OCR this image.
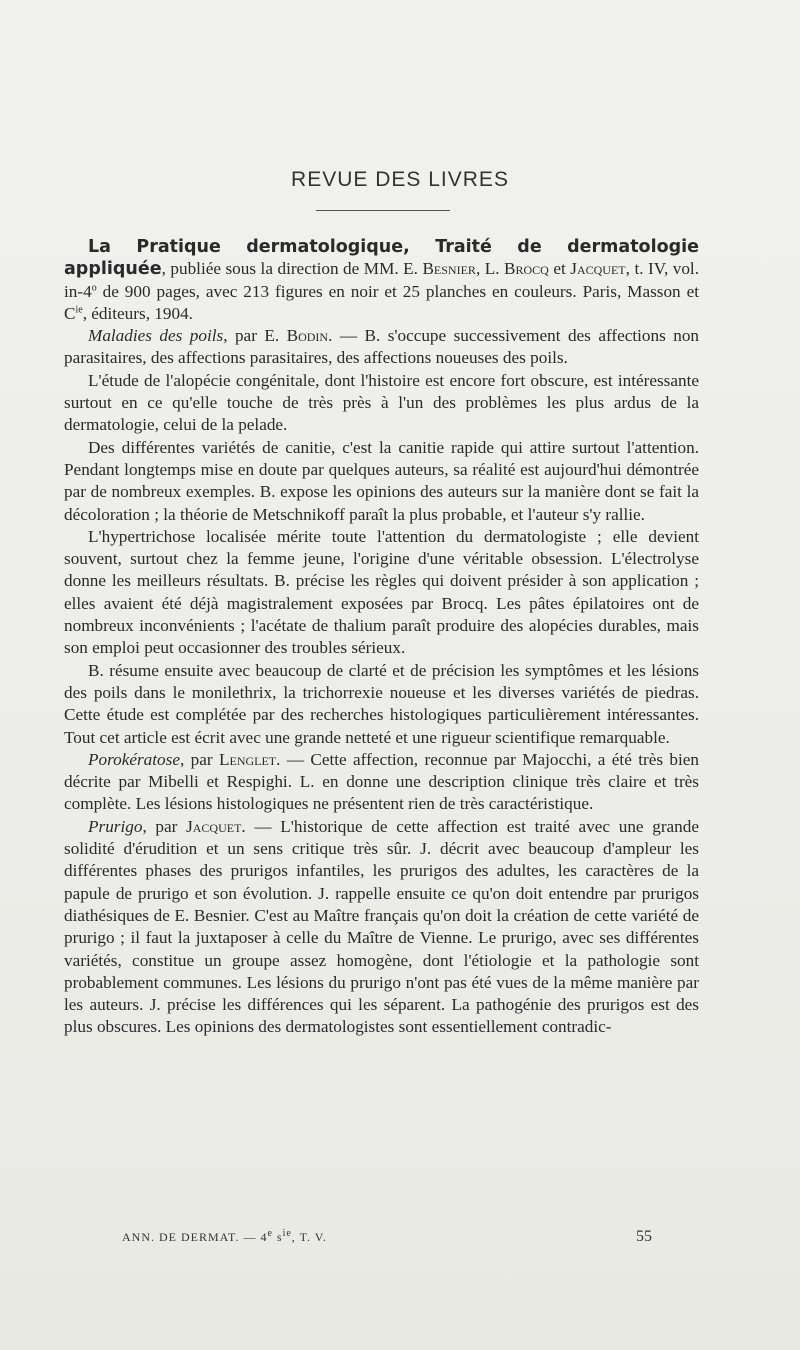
REVUE DES LIVRES

La Pratique dermatologique, Traité de dermatologie appliquée, publiée sous la direction de MM. E. Besnier, L. Brocq et Jacquet, t. IV, vol. in-4$^o$ de 900 pages, avec 213 figures en noir et 25 planches en couleurs. Paris, Masson et $C^{ie}$, éditeurs, 1904.

Maladies des poils, par E. Bodin. — B. s'occupe successivement des affections non parasitaires, des affections parasitaires, des affections noueuses des poils.

L'étude de l'alopécie congénitale, dont l'histoire est encore fort obscure, est intéressante surtout en ce qu'elle touche de très près à l'un des problèmes les plus ardus de la dermatologie, celui de la pelade.

Des différentes variétés de canitie, c'est la canitie rapide qui attire surtout l'attention. Pendant longtemps mise en doute par quelques auteurs, sa réalité est aujourd'hui démontrée par de nombreux exemples. B. expose les opinions des auteurs sur la manière dont se fait la décoloration ; la théorie de Metschnikoff paraît la plus probable, et l'auteur s'y rallie.

L'hypertrichose localisée mérite toute l'attention du dermatologiste ; elle devient souvent, surtout chez la femme jeune, l'origine d'une véritable obsession. L'électrolyse donne les meilleurs résultats. B. précise les règles qui doivent présider à son application ; elles avaient été déjà magistralement exposées par Brocq. Les pâtes épilatoires ont de nombreux inconvénients ; l'acétate de thalium paraît produire des alopécies durables, mais son emploi peut occasionner des troubles sérieux.

B. résume ensuite avec beaucoup de clarté et de précision les symptômes et les lésions des poils dans le monilethrix, la trichorrexie noueuse et les diverses variétés de piedras. Cette étude est complétée par des recherches histologiques particulièrement intéressantes. Tout cet article est écrit avec une grande netteté et une rigueur scientifique remarquable.

Porokératose, par Lenglet. — Cette affection, reconnue par Majocchi, a été très bien décrite par Mibelli et Respighi. L. en donne une description clinique très claire et très complète. Les lésions histologiques ne présentent rien de très caractéristique.

Prurigo, par Jacquet. — L'historique de cette affection est traité avec une grande solidité d'érudition et un sens critique très sûr. J. décrit avec beaucoup d'ampleur les différentes phases des prurigos infantiles, les prurigos des adultes, les caractères de la papule de prurigo et son évolution. J. rappelle ensuite ce qu'on doit entendre par prurigos diathésiques de E. Besnier. C'est au Maître français qu'on doit la création de cette variété de prurigo ; il faut la juxtaposer à celle du Maître de Vienne. Le prurigo, avec ses différentes variétés, constitue un groupe assez homogène, dont l'étiologie et la pathologie sont probablement communes. Les lésions du prurigo n'ont pas été vues de la même manière par les auteurs. J. précise les différences qui les séparent. La pathogénie des prurigos est des plus obscures. Les opinions des dermatologistes sont essentiellement contradic-

ANN. DE DERMAT. — 4e $s^{ie}$, T. V.	55
